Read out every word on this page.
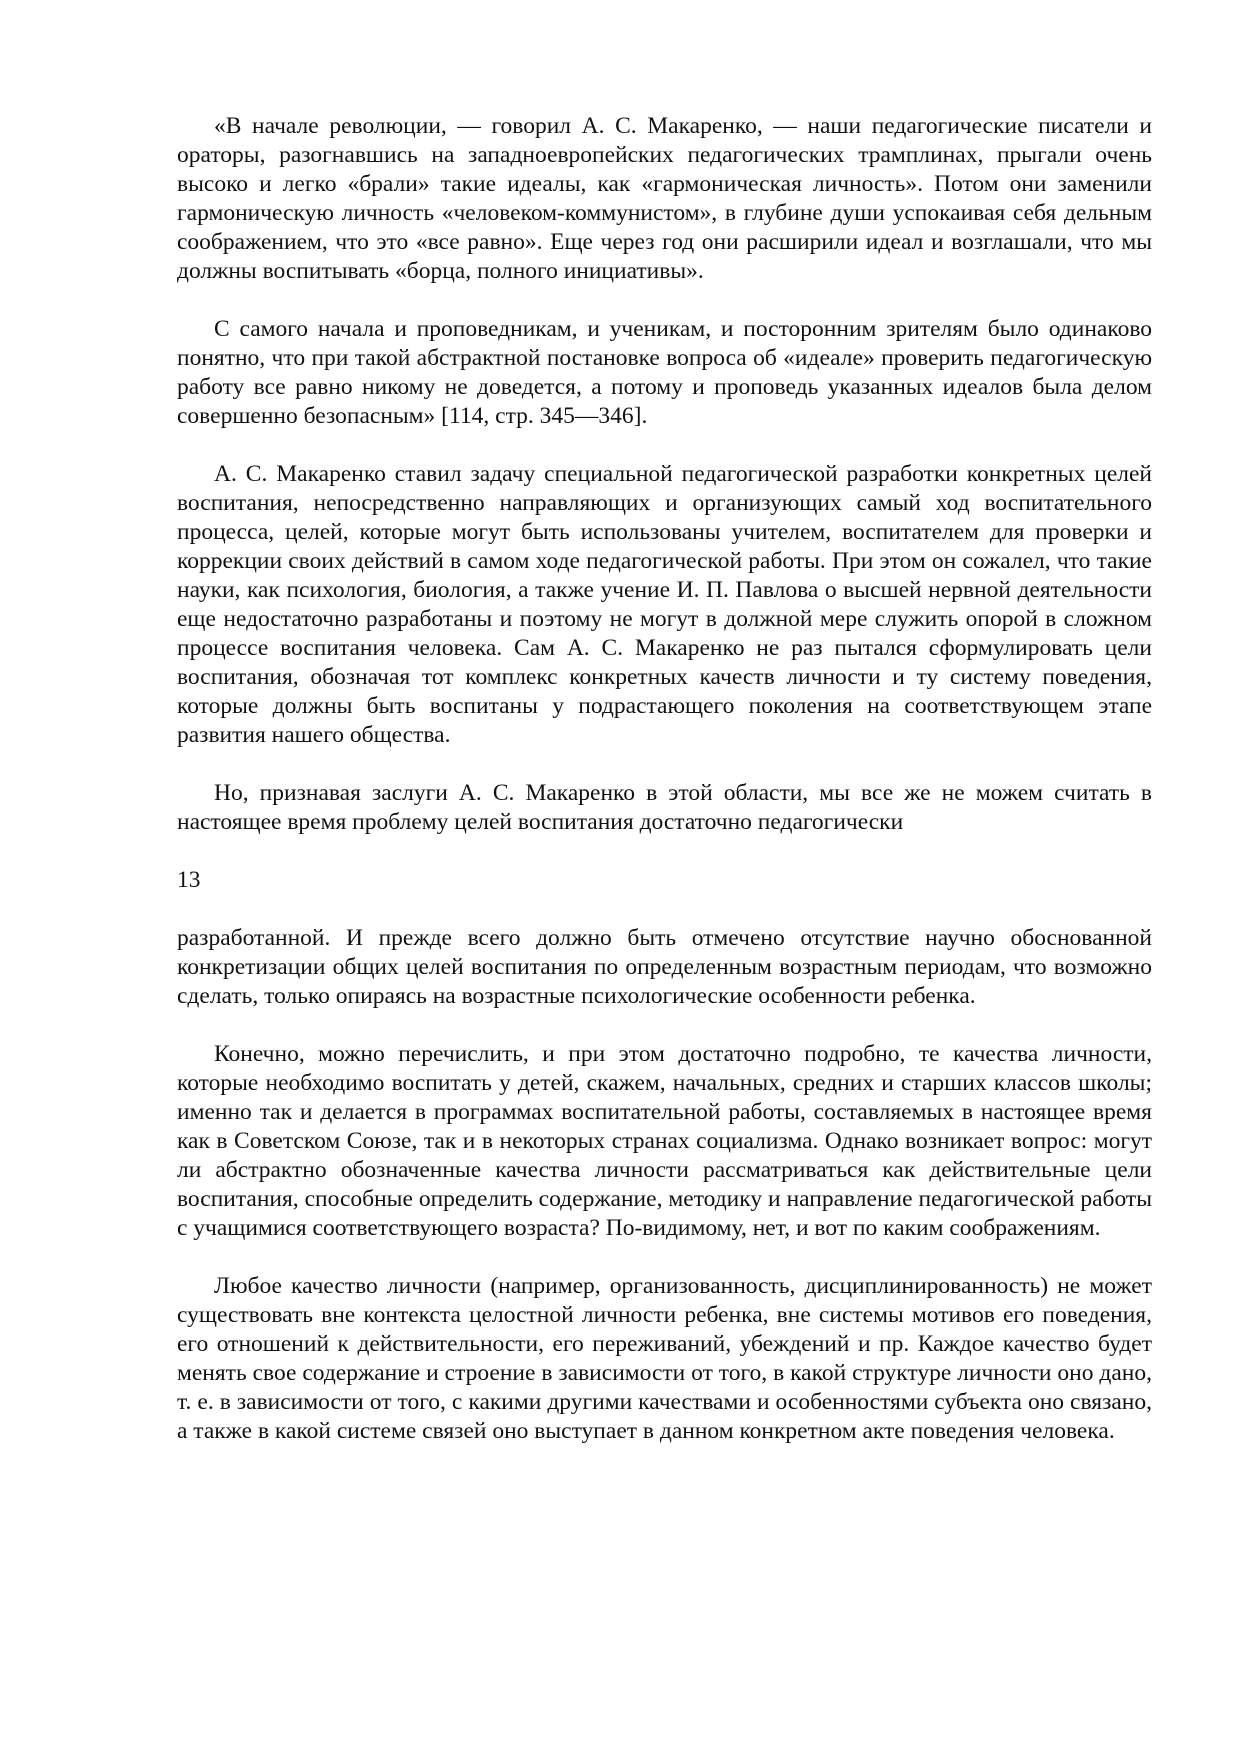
«В начале революции, — говорил А. С. Макаренко, — наши педагогические писатели и ораторы, разогнавшись на западноевропейских педагогических трамплинах, прыгали очень высоко и легко «брали» такие идеалы, как «гармоническая личность». Потом они заменили гармоническую личность «человеком-коммунистом», в глубине души успокаивая себя дельным соображением, что это «все равно». Еще через год они расширили идеал и возглашали, что мы должны воспитывать «борца, полного инициативы».

С самого начала и проповедникам, и ученикам, и посторонним зрителям было одинаково понятно, что при такой абстрактной постановке вопроса об «идеале» проверить педагогическую работу все равно никому не доведется, а потому и проповедь указанных идеалов была делом совершенно безопасным» [114, стр. 345—346].

А. С. Макаренко ставил задачу специальной педагогической разработки конкретных целей воспитания, непосредственно направляющих и организующих самый ход воспитательного процесса, целей, которые могут быть использованы учителем, воспитателем для проверки и коррекции своих действий в самом ходе педагогической работы. При этом он сожалел, что такие науки, как психология, биология, а также учение И. П. Павлова о высшей нервной деятельности еще недостаточно разработаны и поэтому не могут в должной мере служить опорой в сложном процессе воспитания человека. Сам А. С. Макаренко не раз пытался сформулировать цели воспитания, обозначая тот комплекс конкретных качеств личности и ту систему поведения, которые должны быть воспитаны у подрастающего поколения на соответствующем этапе развития нашего общества.

Но, признавая заслуги А. С. Макаренко в этой области, мы все же не можем считать в настоящее время проблему целей воспитания достаточно педагогически

13

разработанной. И прежде всего должно быть отмечено отсутствие научно обоснованной конкретизации общих целей воспитания по определенным возрастным периодам, что возможно сделать, только опираясь на возрастные психологические особенности ребенка.

Конечно, можно перечислить, и при этом достаточно подробно, те качества личности, которые необходимо воспитать у детей, скажем, начальных, средних и старших классов школы; именно так и делается в программах воспитательной работы, составляемых в настоящее время как в Советском Союзе, так и в некоторых странах социализма. Однако возникает вопрос: могут ли абстрактно обозначенные качества личности рассматриваться как действительные цели воспитания, способные определить содержание, методику и направление педагогической работы с учащимися соответствующего возраста? По-видимому, нет, и вот по каким соображениям.

Любое качество личности (например, организованность, дисциплинированность) не может существовать вне контекста целостной личности ребенка, вне системы мотивов его поведения, его отношений к действительности, его переживаний, убеждений и пр. Каждое качество будет менять свое содержание и строение в зависимости от того, в какой структуре личности оно дано, т. е. в зависимости от того, с какими другими качествами и особенностями субъекта оно связано, а также в какой системе связей оно выступает в данном конкретном акте поведения человека.
